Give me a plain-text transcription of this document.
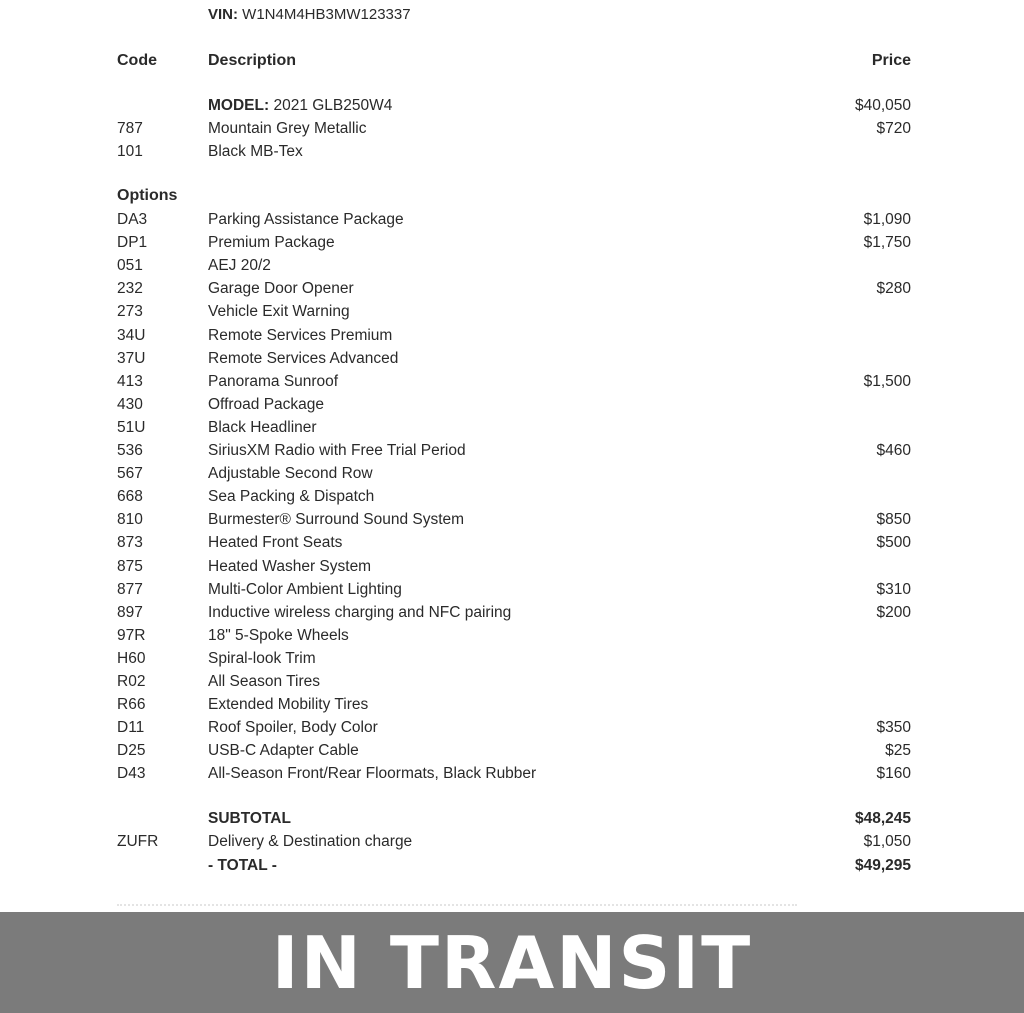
VIN: W1N4M4HB3MW123337
Code	Description	Price
MODEL: 2021 GLB250W4	$40,050
787	Mountain Grey Metallic	$720
101	Black MB-Tex
Options
DA3	Parking Assistance Package	$1,090
DP1	Premium Package	$1,750
051	AEJ 20/2
232	Garage Door Opener	$280
273	Vehicle Exit Warning
34U	Remote Services Premium
37U	Remote Services Advanced
413	Panorama Sunroof	$1,500
430	Offroad Package
51U	Black Headliner
536	SiriusXM Radio with Free Trial Period	$460
567	Adjustable Second Row
668	Sea Packing & Dispatch
810	Burmester® Surround Sound System	$850
873	Heated Front Seats	$500
875	Heated Washer System
877	Multi-Color Ambient Lighting	$310
897	Inductive wireless charging and NFC pairing	$200
97R	18" 5-Spoke Wheels
H60	Spiral-look Trim
R02	All Season Tires
R66	Extended Mobility Tires
D11	Roof Spoiler, Body Color	$350
D25	USB-C Adapter Cable	$25
D43	All-Season Front/Rear Floormats, Black Rubber	$160
SUBTOTAL	$48,245
ZUFR	Delivery & Destination charge	$1,050
- TOTAL -	$49,295
IN TRANSIT
